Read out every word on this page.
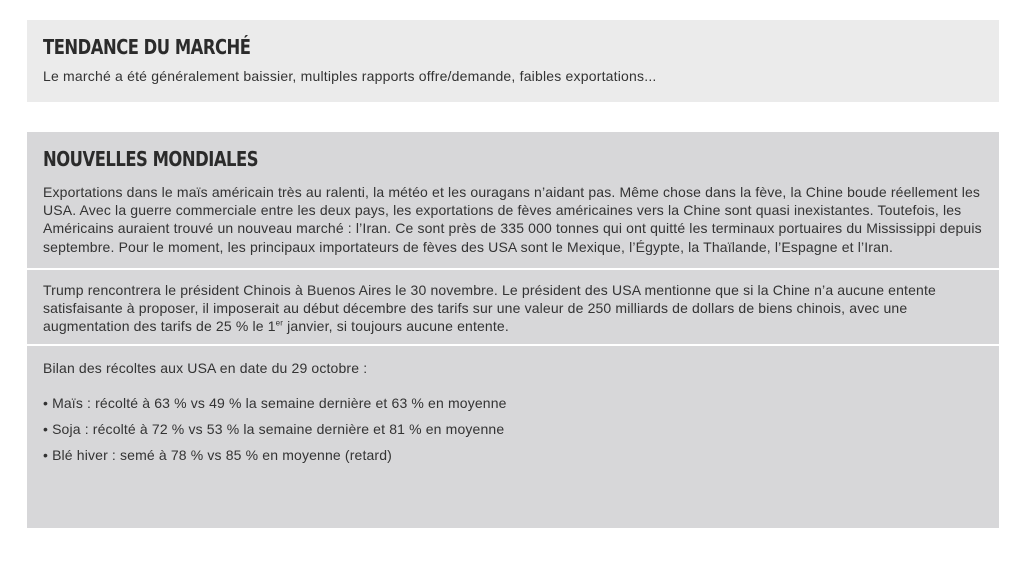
TENDANCE DU MARCHÉ
Le marché a été généralement baissier, multiples rapports offre/demande, faibles exportations...
NOUVELLES MONDIALES

Exportations dans le maïs américain très au ralenti, la météo et les ouragans n’aidant pas. Même chose dans la fève, la Chine boude réellement les USA. Avec la guerre commerciale entre les deux pays, les exportations de fèves américaines vers la Chine sont quasi inexistantes. Toutefois, les Américains auraient trouvé un nouveau marché : l’Iran. Ce sont près de 335 000 tonnes qui ont quitté les terminaux portuaires du Mississippi depuis septembre. Pour le moment, les principaux importateurs de fèves des USA sont le Mexique, l’Égypte, la Thaïlande, l’Espagne et l’Iran.

Trump rencontrera le président Chinois à Buenos Aires le 30 novembre. Le président des USA mentionne que si la Chine n’a aucune entente satisfaisante à proposer, il imposerait au début décembre des tarifs sur une valeur de 250 milliards de dollars de biens chinois, avec une augmentation des tarifs de 25 % le 1er janvier, si toujours aucune entente.

Bilan des récoltes aux USA en date du 29 octobre :

• Maïs : récolté à 63 % vs 49 % la semaine dernière et 63 % en moyenne
• Soja : récolté à 72 % vs 53 % la semaine dernière et 81 % en moyenne
• Blé hiver : semé à 78 % vs 85 % en moyenne (retard)
